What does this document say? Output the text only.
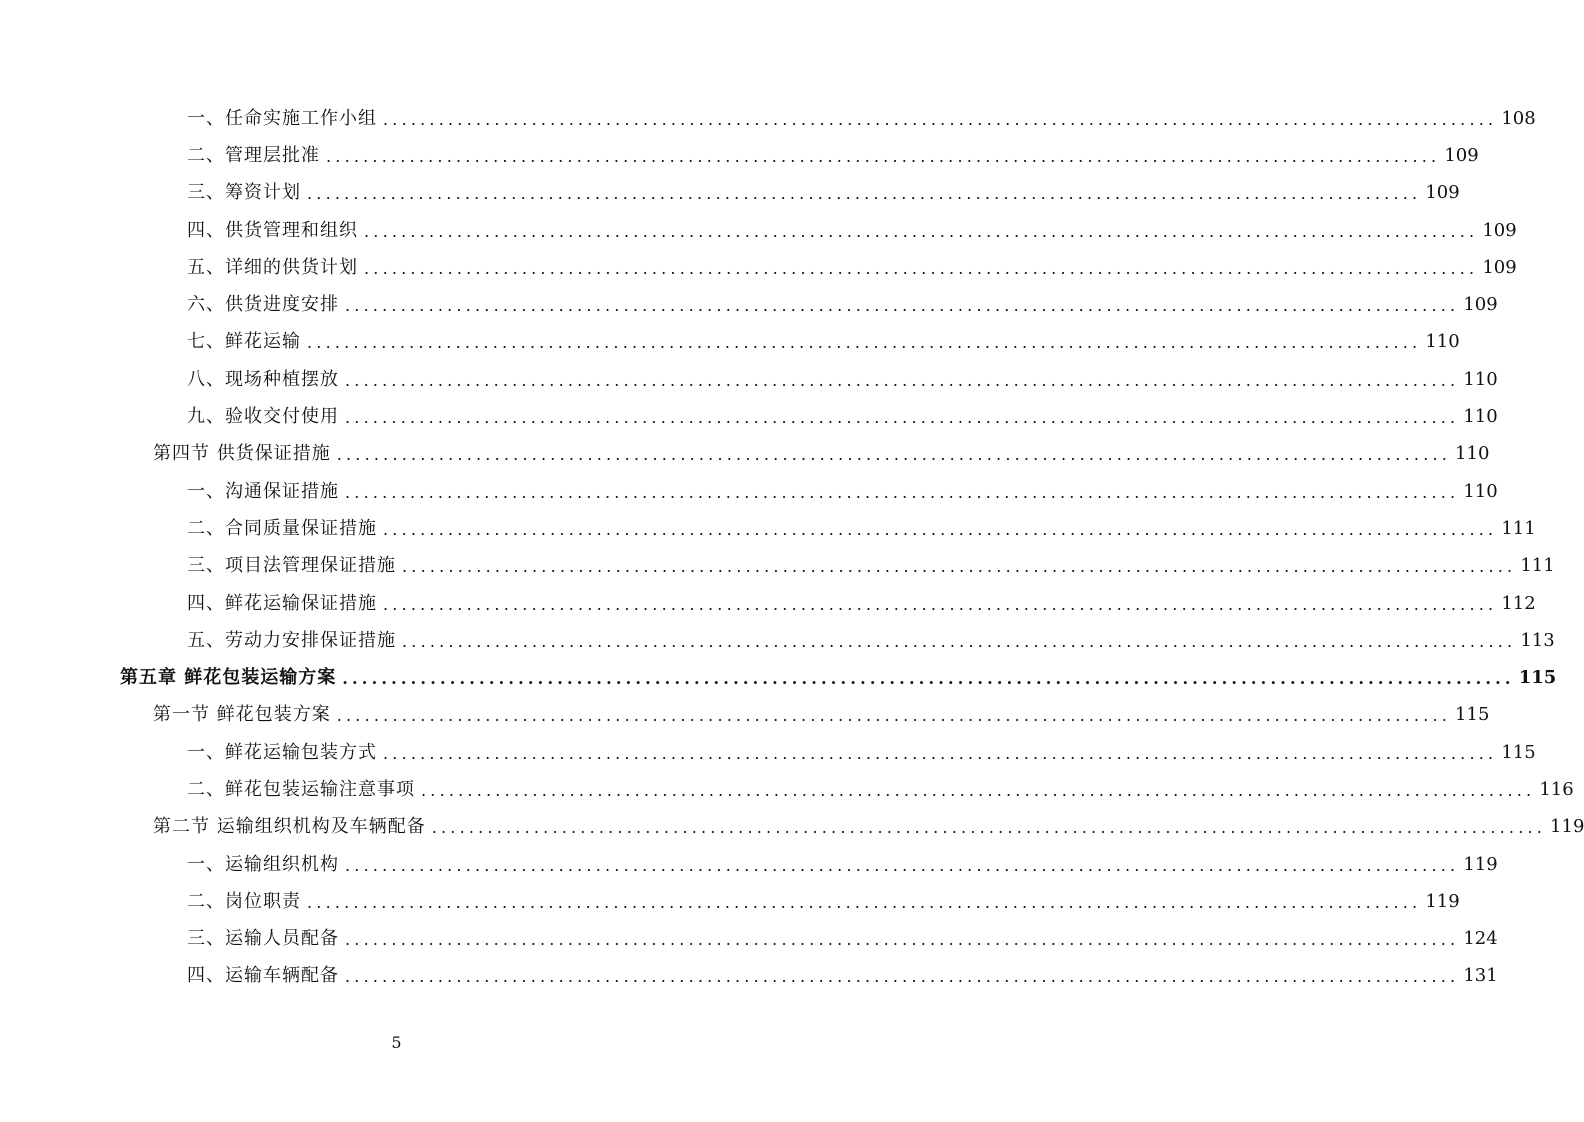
一、任命实施工作小组 ........................................................................................................................ 108
二、管理层批准 ........................................................................................................................ 109
三、筹资计划 ........................................................................................................................ 109
四、供货管理和组织 ........................................................................................................................ 109
五、详细的供货计划 ........................................................................................................................ 109
六、供货进度安排 ........................................................................................................................ 109
七、鲜花运输 ........................................................................................................................ 110
八、现场种植摆放 ........................................................................................................................ 110
九、验收交付使用 ........................................................................................................................ 110
第四节 供货保证措施 ........................................................................................................................ 110
一、沟通保证措施 ........................................................................................................................ 110
二、合同质量保证措施 ........................................................................................................................ 111
三、项目法管理保证措施 ........................................................................................................................ 111
四、鲜花运输保证措施 ........................................................................................................................ 112
五、劳动力安排保证措施 ........................................................................................................................ 113
第五章 鲜花包装运输方案 ........................................................................................................................ 115
第一节 鲜花包装方案 ........................................................................................................................ 115
一、鲜花运输包装方式 ........................................................................................................................ 115
二、鲜花包装运输注意事项 ........................................................................................................................ 116
第二节 运输组织机构及车辆配备 ........................................................................................................................ 119
一、运输组织机构 ........................................................................................................................ 119
二、岗位职责 ........................................................................................................................ 119
三、运输人员配备 ........................................................................................................................ 124
四、运输车辆配备 ........................................................................................................................ 131
5
